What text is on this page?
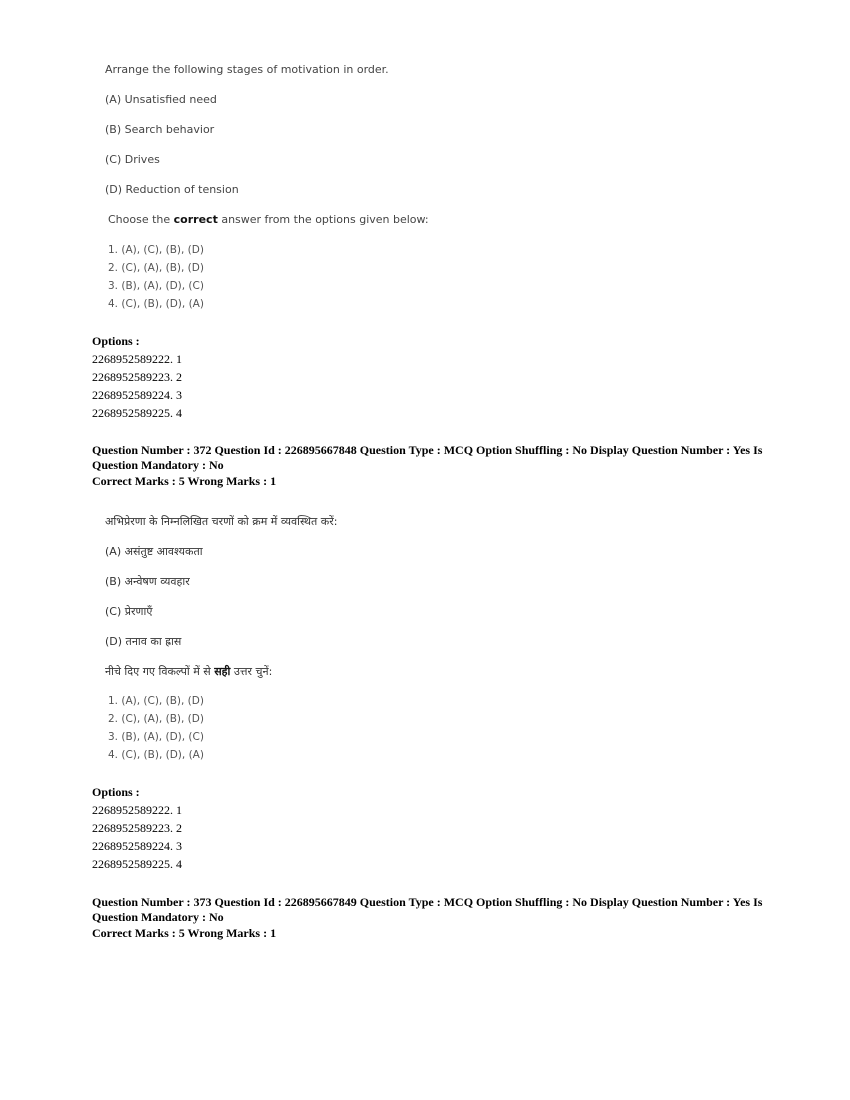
Arrange the following stages of motivation in order.
(A) Unsatisfied need
(B) Search behavior
(C) Drives
(D) Reduction of tension
Choose the correct answer from the options given below:
1. (A), (C), (B), (D)
2. (C), (A), (B), (D)
3. (B), (A), (D), (C)
4. (C), (B), (D), (A)
Options :
2268952589222. 1
2268952589223. 2
2268952589224. 3
2268952589225. 4
Question Number : 372 Question Id : 226895667848 Question Type : MCQ Option Shuffling : No Display Question Number : Yes Is
Question Mandatory : No
Correct Marks : 5 Wrong Marks : 1
अभिप्रेरणा के निम्नलिखित चरणों को क्रम में व्यवस्थित करें:
(A) असंतुष्ट आवश्यकता
(B) अन्वेषण व्यवहार
(C) प्रेरणाएँ
(D) तनाव का ह्रास
नीचे दिए गए विकल्पों में से सही उत्तर चुनें:
1. (A), (C), (B), (D)
2. (C), (A), (B), (D)
3. (B), (A), (D), (C)
4. (C), (B), (D), (A)
Options :
2268952589222. 1
2268952589223. 2
2268952589224. 3
2268952589225. 4
Question Number : 373 Question Id : 226895667849 Question Type : MCQ Option Shuffling : No Display Question Number : Yes Is
Question Mandatory : No
Correct Marks : 5 Wrong Marks : 1
